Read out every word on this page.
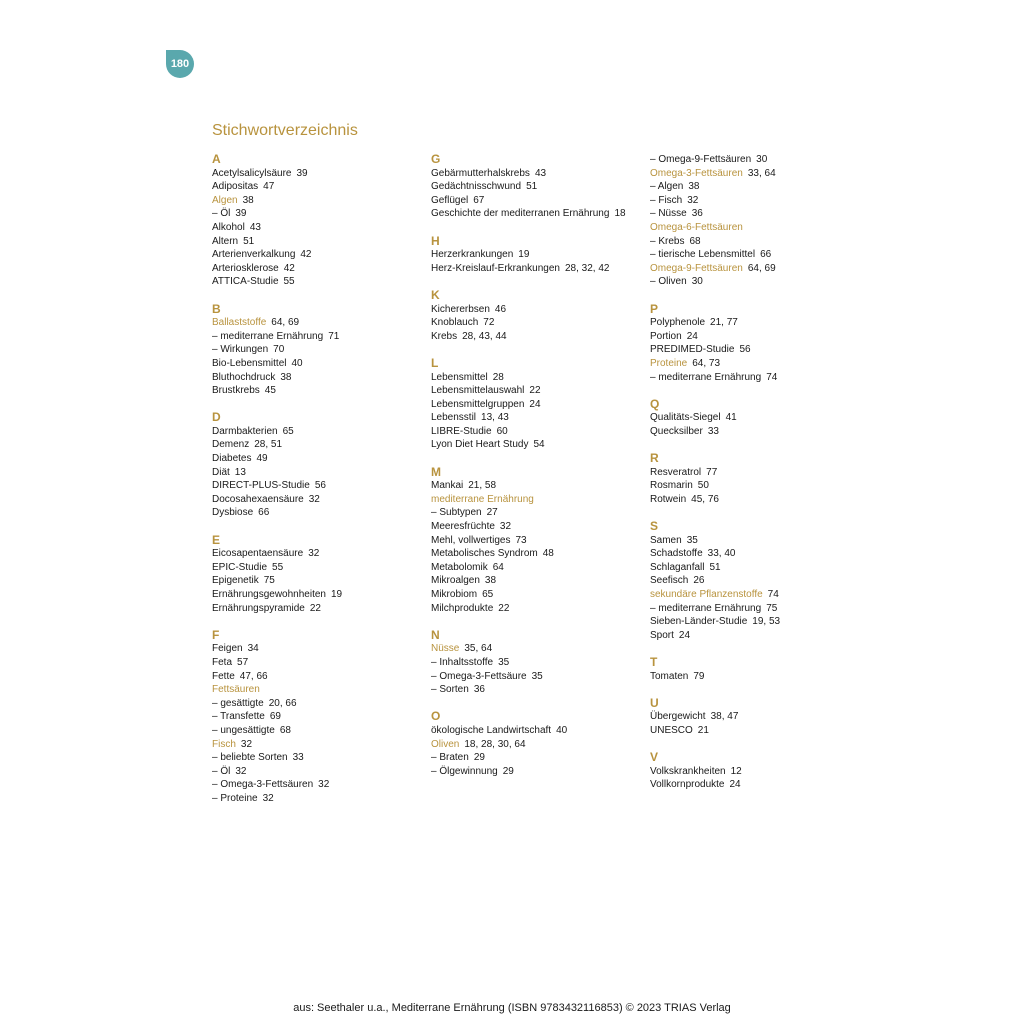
180
Stichwortverzeichnis
A
Acetylsalicylsäure 39
Adipositas 47
Algen 38
– Öl 39
Alkohol 43
Altern 51
Arterienverkalkung 42
Arteriosklerose 42
ATTICA-Studie 55
B
Ballaststoffe 64, 69
– mediterrane Ernährung 71
– Wirkungen 70
Bio-Lebensmittel 40
Bluthochdruck 38
Brustkrebs 45
D
Darmbakterien 65
Demenz 28, 51
Diabetes 49
Diät 13
DIRECT-PLUS-Studie 56
Docosahexaensäure 32
Dysbiose 66
E
Eicosapentaensäure 32
EPIC-Studie 55
Epigenetik 75
Ernährungsgewohnheiten 19
Ernährungspyramide 22
F
Feigen 34
Feta 57
Fette 47, 66
Fettsäuren
– gesättigte 20, 66
– Transfette 69
– ungesättigte 68
Fisch 32
– beliebte Sorten 33
– Öl 32
– Omega-3-Fettsäuren 32
– Proteine 32
G
Gebärmutterhalskrebs 43
Gedächtnisschwund 51
Geflügel 67
Geschichte der mediterranen Ernährung 18
H
Herzerkrankungen 19
Herz-Kreislauf-Erkrankungen 28, 32, 42
K
Kichererbsen 46
Knoblauch 72
Krebs 28, 43, 44
L
Lebensmittel 28
Lebensmittelauswahl 22
Lebensmittelgruppen 24
Lebensstil 13, 43
LIBRE-Studie 60
Lyon Diet Heart Study 54
M
Mankai 21, 58
mediterrane Ernährung
– Subtypen 27
Meeresfrüchte 32
Mehl, vollwertiges 73
Metabolisches Syndrom 48
Metabolomik 64
Mikroalgen 38
Mikrobiom 65
Milchprodukte 22
N
Nüsse 35, 64
– Inhaltsstoffe 35
– Omega-3-Fettsäure 35
– Sorten 36
O
ökologische Landwirtschaft 40
Oliven 18, 28, 30, 64
– Braten 29
– Ölgewinnung 29
– Omega-9-Fettsäuren 30
Omega-3-Fettsäuren 33, 64
– Algen 38
– Fisch 32
– Nüsse 36
Omega-6-Fettsäuren
– Krebs 68
– tierische Lebensmittel 66
Omega-9-Fettsäuren 64, 69
– Oliven 30
P
Polyphenole 21, 77
Portion 24
PREDIMED-Studie 56
Proteine 64, 73
– mediterrane Ernährung 74
Q
Qualitäts-Siegel 41
Quecksilber 33
R
Resveratrol 77
Rosmarin 50
Rotwein 45, 76
S
Samen 35
Schadstoffe 33, 40
Schlaganfall 51
Seefisch 26
sekundäre Pflanzenstoffe 74
– mediterrane Ernährung 75
Sieben-Länder-Studie 19, 53
Sport 24
T
Tomaten 79
U
Übergewicht 38, 47
UNESCO 21
V
Volkskrankheiten 12
Vollkornprodukte 24
aus: Seethaler u.a., Mediterrane Ernährung (ISBN 9783432116853) © 2023 TRIAS Verlag
